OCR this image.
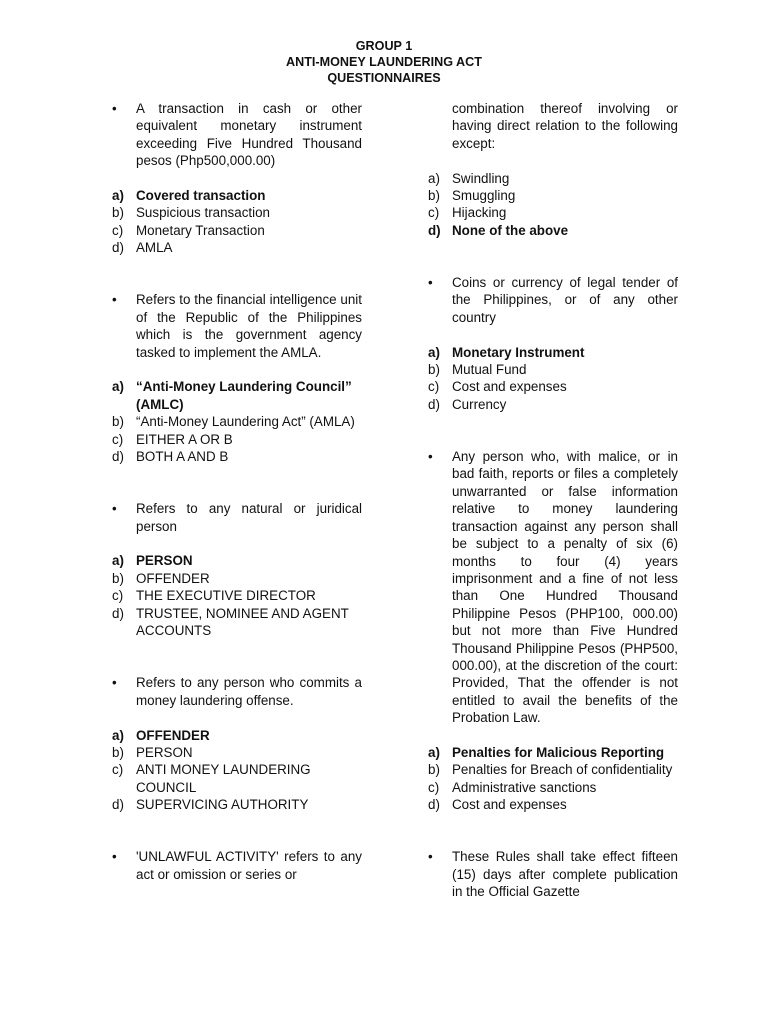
GROUP 1
ANTI-MONEY LAUNDERING ACT
QUESTIONNAIRES
• A transaction in cash or other equivalent monetary instrument exceeding Five Hundred Thousand pesos (Php500,000.00)
a) Covered transaction
b) Suspicious transaction
c) Monetary Transaction
d) AMLA
• Refers to the financial intelligence unit of the Republic of the Philippines which is the government agency tasked to implement the AMLA.
a) “Anti-Money Laundering Council” (AMLC)
b) “Anti-Money Laundering Act” (AMLA)
c) EITHER A OR B
d) BOTH A AND B
• Refers to any natural or juridical person
a) PERSON
b) OFFENDER
c) THE EXECUTIVE DIRECTOR
d) TRUSTEE, NOMINEE AND AGENT ACCOUNTS
• Refers to any person who commits a money laundering offense.
a) OFFENDER
b) PERSON
c) ANTI MONEY LAUNDERING COUNCIL
d) SUPERVICING AUTHORITY
• 'UNLAWFUL ACTIVITY' refers to any act or omission or series or
combination thereof involving or having direct relation to the following except:
a) Swindling
b) Smuggling
c) Hijacking
d) None of the above
• Coins or currency of legal tender of the Philippines, or of any other country
a) Monetary Instrument
b) Mutual Fund
c) Cost and expenses
d) Currency
• Any person who, with malice, or in bad faith, reports or files a completely unwarranted or false information relative to money laundering transaction against any person shall be subject to a penalty of six (6) months to four (4) years imprisonment and a fine of not less than One Hundred Thousand Philippine Pesos (PHP100, 000.00) but not more than Five Hundred Thousand Philippine Pesos (PHP500, 000.00), at the discretion of the court: Provided, That the offender is not entitled to avail the benefits of the Probation Law.
a) Penalties for Malicious Reporting
b) Penalties for Breach of confidentiality
c) Administrative sanctions
d) Cost and expenses
• These Rules shall take effect fifteen (15) days after complete publication in the Official Gazette
